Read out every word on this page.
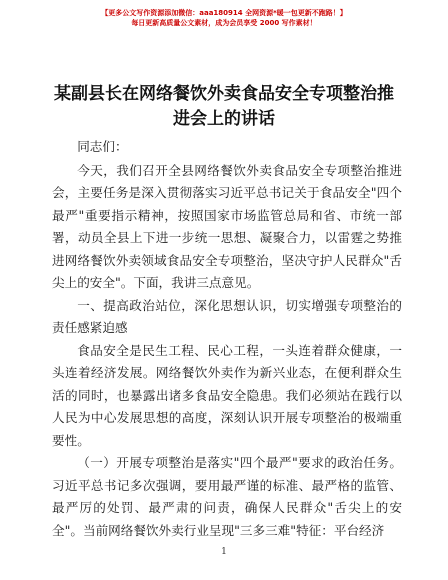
【更多公文写作资源添加微信：aaa180914 全网资源*暖一包更新不跑路！】
每日更新高质量公文素材，成为会员享受 2000 写作素材！
某副县长在网络餐饮外卖食品安全专项整治推
进会上的讲话

同志们：

今天，我们召开全县网络餐饮外卖食品安全专项整治推进会，主要任务是深入贯彻落实习近平总书记关于食品安全"四个最严"重要指示精神，按照国家市场监管总局和省、市统一部署，动员全县上下进一步统一思想、凝聚合力，以雷霆之势推进网络餐饮外卖领域食品安全专项整治，坚决守护人民群众"舌尖上的安全"。下面，我讲三点意见。

一、提高政治站位，深化思想认识，切实增强专项整治的责任感紧迫感

食品安全是民生工程、民心工程，一头连着群众健康，一头连着经济发展。网络餐饮外卖作为新兴业态，在便利群众生活的同时，也暴露出诸多食品安全隐患。我们必须站在践行以人民为中心发展思想的高度，深刻认识开展专项整治的极端重要性。

（一）开展专项整治是落实"四个最严"要求的政治任务。习近平总书记多次强调，要用最严谨的标准、最严格的监管、最严厉的处罚、最严肃的问责，确保人民群众"舌尖上的安全"。当前网络餐饮外卖行业呈现"三多三难"特征：平台经济

1
